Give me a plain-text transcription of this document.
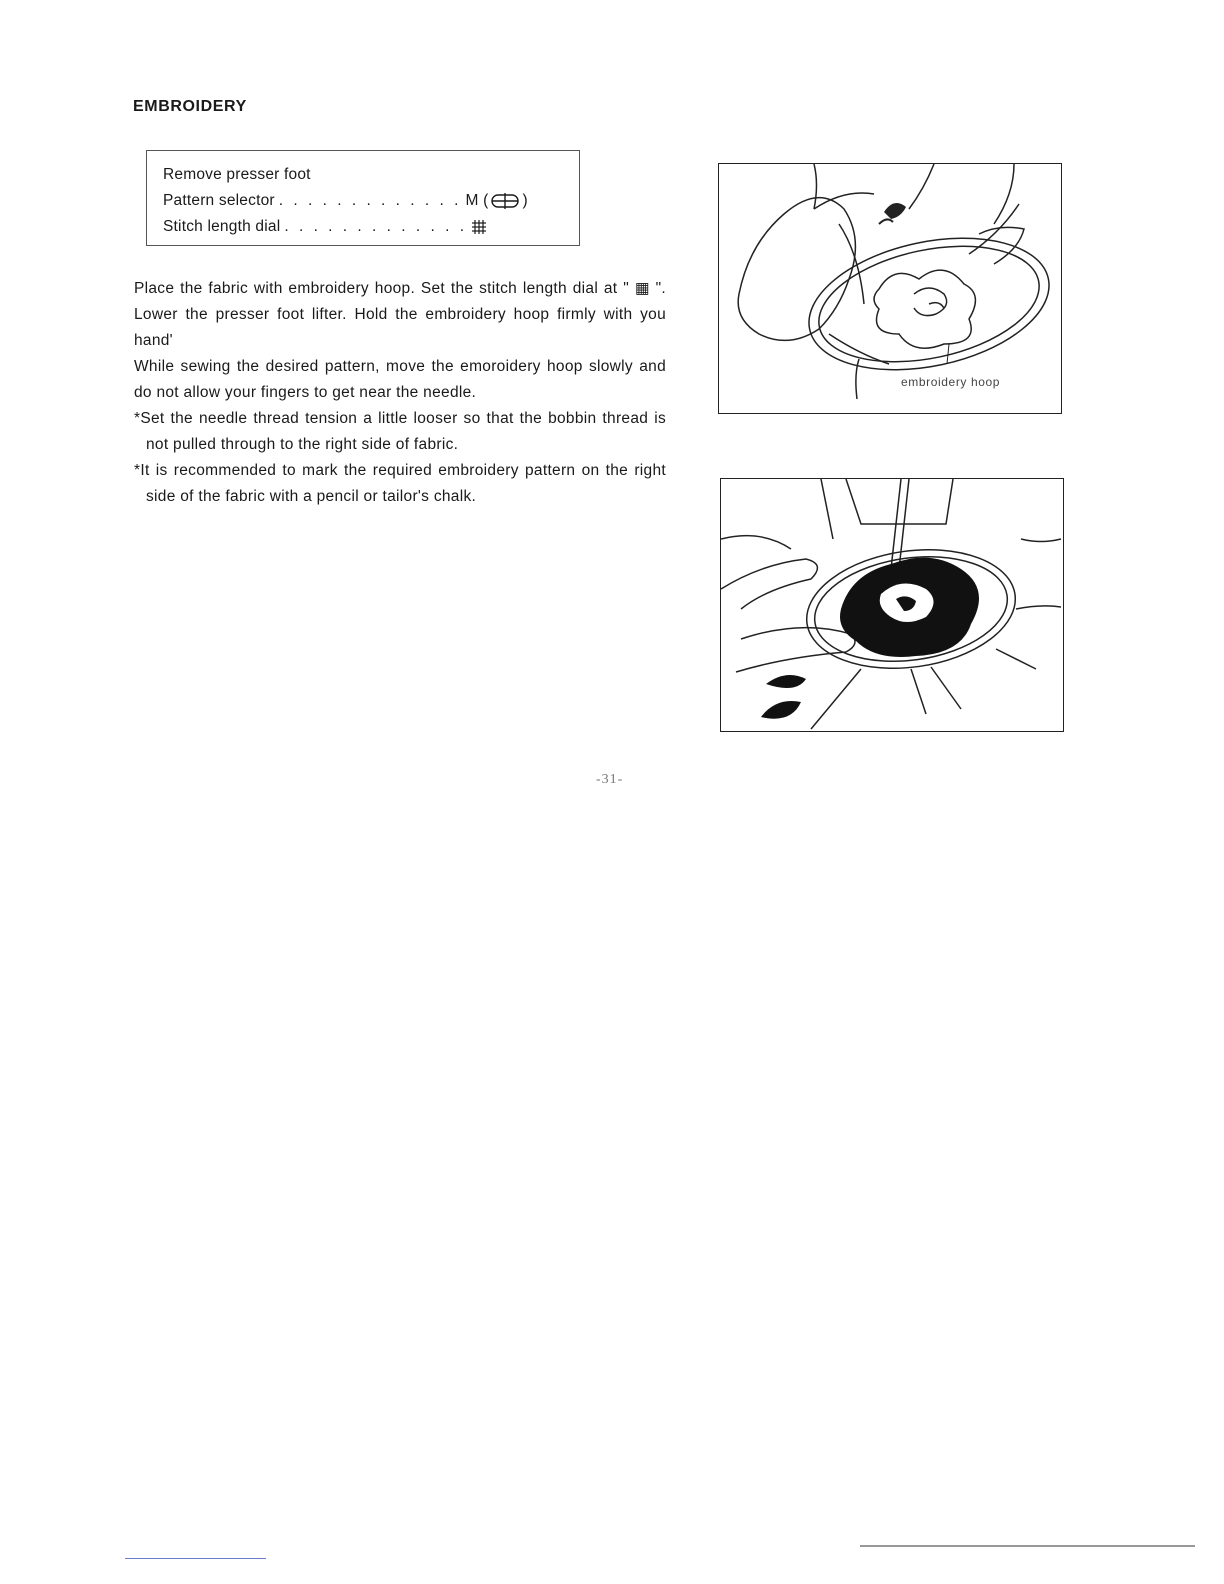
EMBROIDERY
Remove presser foot
Pattern selector . . . . . . . . . . . . . M ( )
Stitch length dial . . . . . . . . . . . . .

Place the fabric with embroidery hoop. Set the stitch length dial at " ▦ ". Lower the presser foot lifter. Hold the embroidery hoop firmly with you hand'

While sewing the desired pattern, move the emoroidery hoop slowly and do not allow your fingers to get near the needle.

*Set the needle thread tension a little looser so that the bobbin thread is not pulled through to the right side of fabric.

*It is recommended to mark the required embroidery pattern on the right side of the fabric with a pencil or tailor's chalk.

embroidery hoop
-31-
